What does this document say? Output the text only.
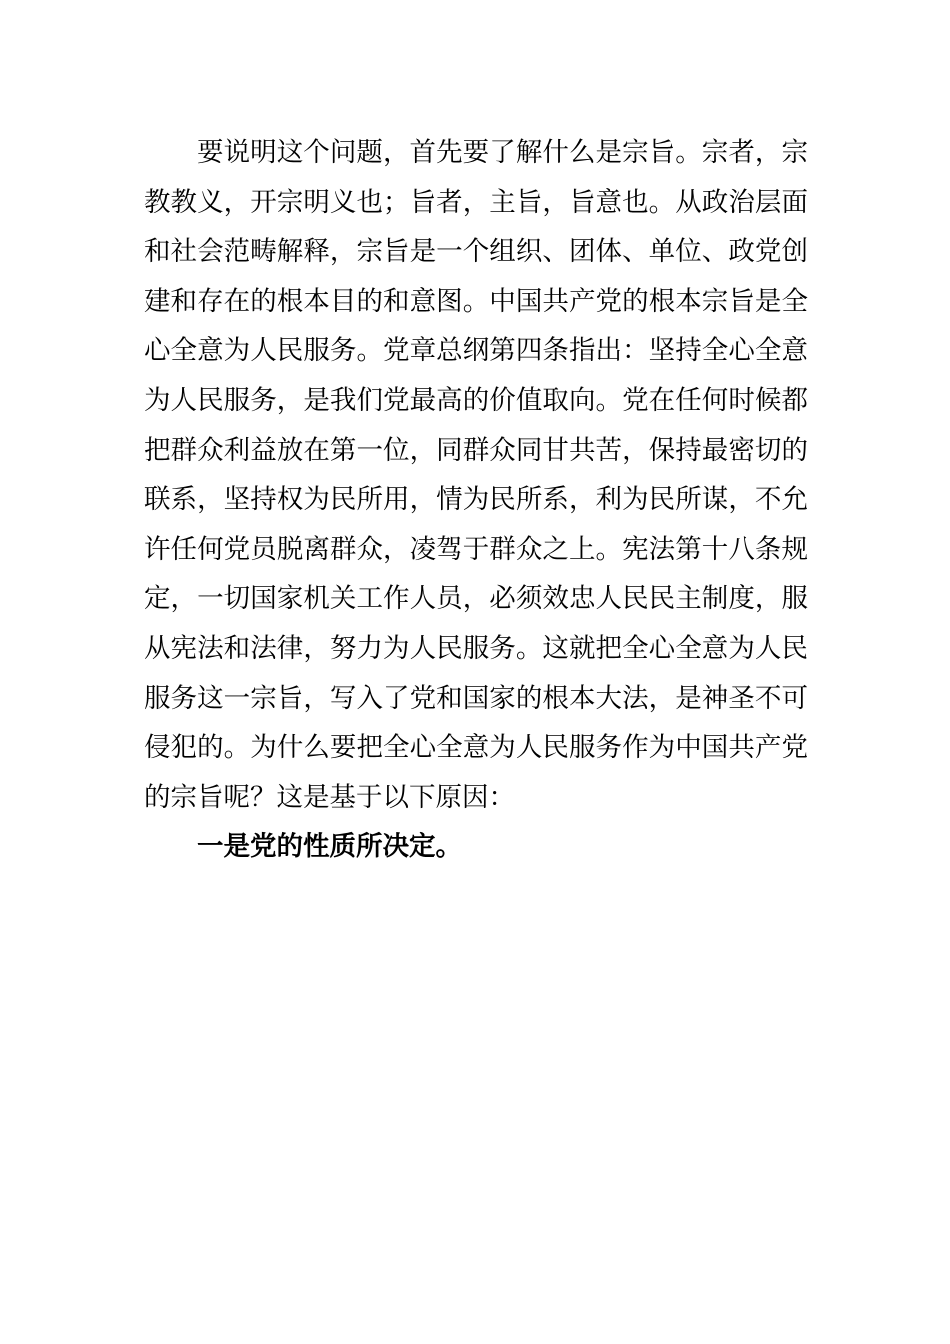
要说明这个问题，首先要了解什么是宗旨。宗者，宗教教义，开宗明义也；旨者，主旨，旨意也。从政治层面和社会范畴解释，宗旨是一个组织、团体、单位、政党创建和存在的根本目的和意图。中国共产党的根本宗旨是全心全意为人民服务。党章总纲第四条指出：坚持全心全意为人民服务，是我们党最高的价值取向。党在任何时候都把群众利益放在第一位，同群众同甘共苦，保持最密切的联系，坚持权为民所用，情为民所系，利为民所谋，不允许任何党员脱离群众，凌驾于群众之上。宪法第十八条规定，一切国家机关工作人员，必须效忠人民民主制度，服从宪法和法律，努力为人民服务。这就把全心全意为人民服务这一宗旨，写入了党和国家的根本大法，是神圣不可侵犯的。为什么要把全心全意为人民服务作为中国共产党的宗旨呢？这是基于以下原因：

一是党的性质所决定。
